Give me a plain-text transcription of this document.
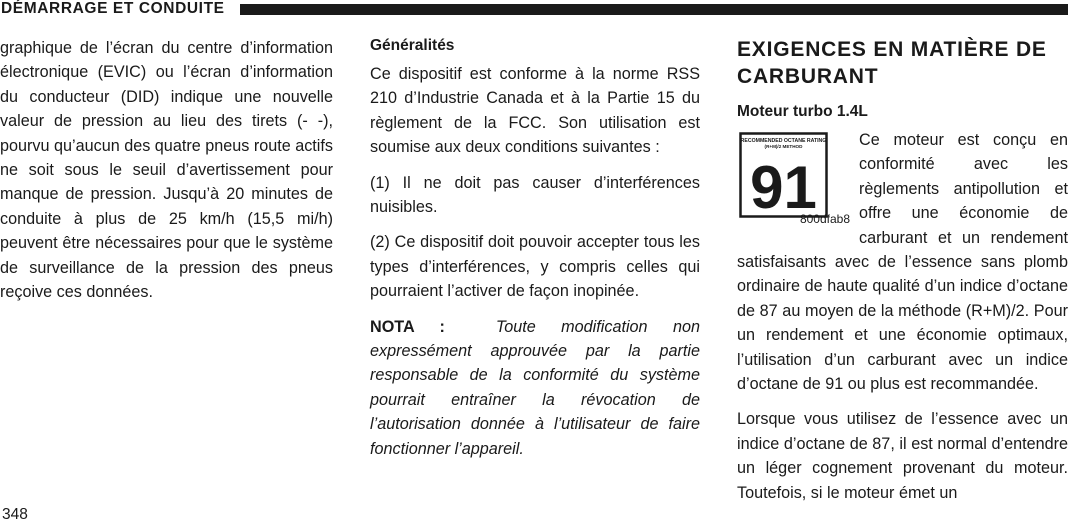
DÉMARRAGE ET CONDUITE

graphique de l’écran du centre d’information électronique (EVIC) ou l’écran d’information du conducteur (DID) indique une nouvelle valeur de pression au lieu des tirets (- -), pourvu qu’aucun des quatre pneus route actifs ne soit sous le seuil d’avertissement pour manque de pression. Jusqu’à 20 minutes de conduite à plus de 25 km/h (15,5 mi/h) peuvent être nécessaires pour que le système de surveillance de la pression des pneus reçoive ces données.

Généralités

Ce dispositif est conforme à la norme RSS 210 d’Industrie Canada et à la Partie 15 du règlement de la FCC. Son utilisation est soumise aux deux conditions suivantes :

(1) Il ne doit pas causer d’interférences nuisibles.

(2) Ce dispositif doit pouvoir accepter tous les types d’interférences, y compris celles qui pourraient l’activer de façon inopinée.

NOTA :	Toute modification non expressément approuvée par la partie responsable de la conformité du système pourrait entraîner la révocation de l’autorisation donnée à l’utilisateur de faire fonctionner l’appareil.

EXIGENCES EN MATIÈRE DE CARBURANT

Moteur turbo 1.4L

RECOMMENDED OCTANE RATING
(R+M)/2 METHOD
91
800dfab8

Ce moteur est conçu en conformité avec les règlements antipollution et offre une économie de carburant et un rendement satisfaisants avec de l’essence sans plomb ordinaire de haute qualité d’un indice d’octane de 87 au moyen de la méthode (R+M)/2. Pour un rendement et une économie optimaux, l’utilisation d’un carburant avec un indice d’octane de 91 ou plus est recommandée.

Lorsque vous utilisez de l’essence avec un indice d’octane de 87, il est normal d’entendre un léger cognement provenant du moteur. Toutefois, si le moteur émet un

348
